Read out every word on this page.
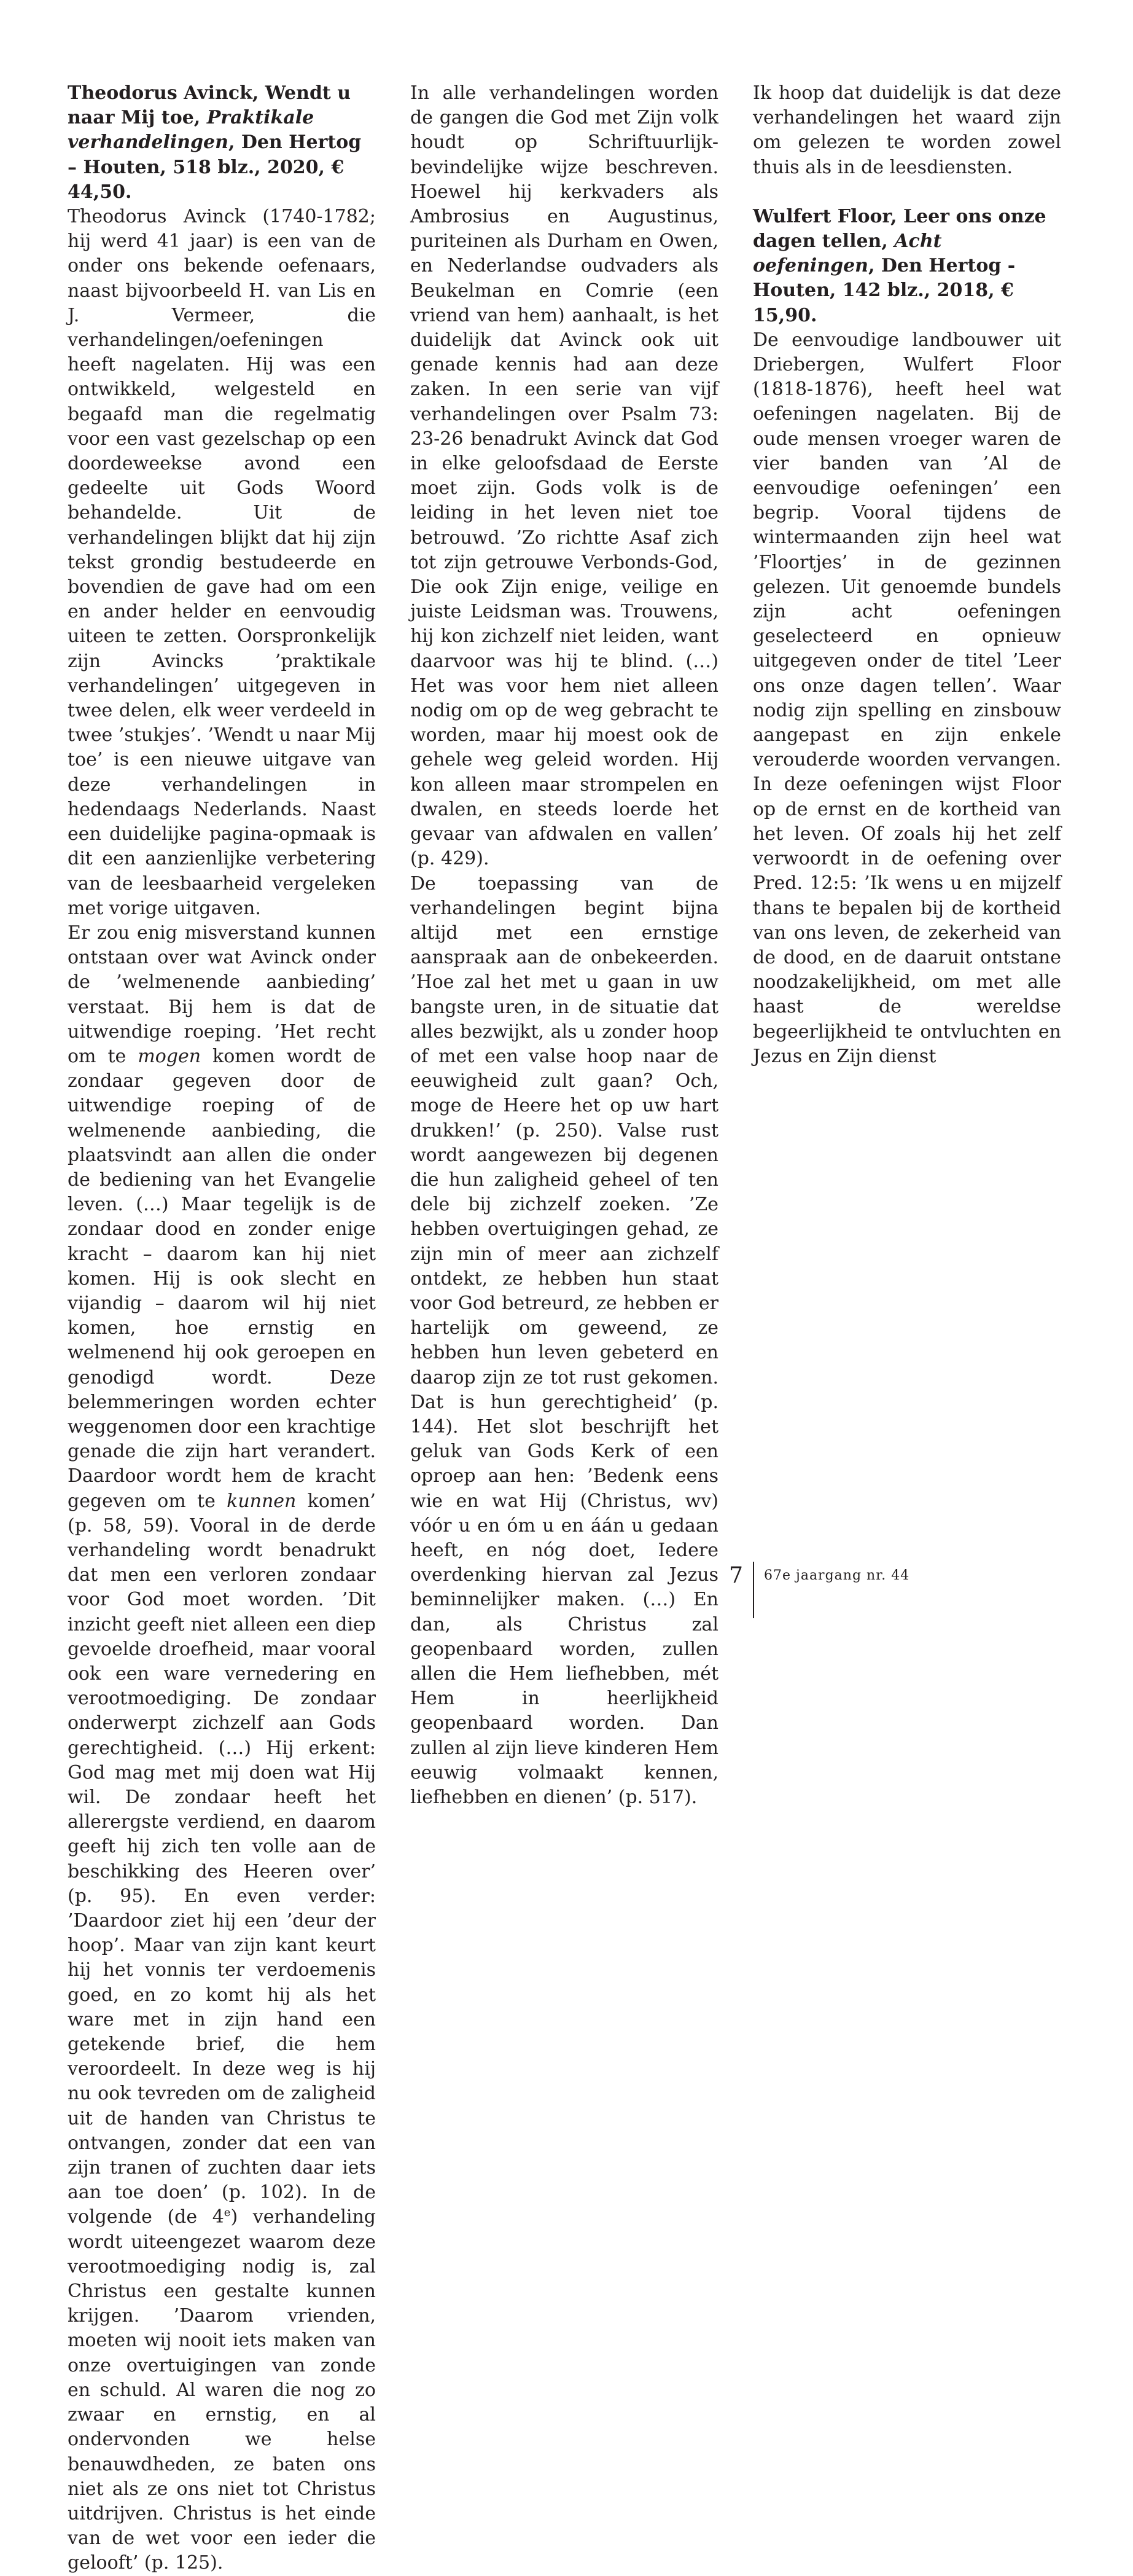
Theodorus Avinck, Wendt u naar Mij toe, Praktikale verhandelingen, Den Hertog – Houten, 518 blz., 2020, € 44,50.

Theodorus Avinck (1740-1782; hij werd 41 jaar) is een van de onder ons bekende oefenaars, naast bijvoorbeeld H. van Lis en J. Vermeer, die verhandelingen/oefeningen heeft nagelaten. Hij was een ontwikkeld, welgesteld en begaafd man die regelmatig voor een vast gezelschap op een doordeweekse avond een gedeelte uit Gods Woord behandelde. Uit de verhandelingen blijkt dat hij zijn tekst grondig bestudeerde en bovendien de gave had om een en ander helder en eenvoudig uiteen te zetten. Oorspronkelijk zijn Avincks ’praktikale verhandelingen’ uitgegeven in twee delen, elk weer verdeeld in twee ’stukjes’. ’Wendt u naar Mij toe’ is een nieuwe uitgave van deze verhandelingen in hedendaags Nederlands. Naast een duidelijke pagina-opmaak is dit een aanzienlijke verbetering van de leesbaarheid vergeleken met vorige uitgaven.

Er zou enig misverstand kunnen ontstaan over wat Avinck onder de ’welmenende aanbieding’ verstaat. Bij hem is dat de uitwendige roeping. ’Het recht om te mogen komen wordt de zondaar gegeven door de uitwendige roeping of de welmenende aanbieding, die plaatsvindt aan allen die onder de bediening van het Evangelie leven. (…) Maar tegelijk is de zondaar dood en zonder enige kracht – daarom kan hij niet komen. Hij is ook slecht en vijandig – daarom wil hij niet komen, hoe ernstig en welmenend hij ook geroepen en genodigd wordt. Deze belemmeringen worden echter weggenomen door een krachtige genade die zijn hart verandert. Daardoor wordt hem de kracht gegeven om te kunnen komen’ (p. 58, 59). Vooral in de derde verhandeling wordt benadrukt dat men een verloren zondaar voor God moet worden. ’Dit inzicht geeft niet alleen een diep gevoelde droefheid, maar vooral ook een ware vernedering en verootmoediging. De zondaar onderwerpt zichzelf aan Gods gerechtigheid. (…) Hij erkent: God mag met mij doen wat Hij wil. De zondaar heeft het allerergste verdiend, en daarom geeft hij zich ten volle aan de beschikking des Heeren over’ (p. 95). En even verder: ’Daardoor ziet hij een ’deur der hoop’. Maar van zijn kant keurt hij het vonnis ter verdoemenis goed, en zo komt hij als het ware met in zijn hand een getekende brief, die hem veroordeelt. In deze weg is hij nu ook tevreden om de zaligheid uit de handen van Christus te ontvangen, zonder dat een van zijn tranen of zuchten daar iets aan toe doen’ (p. 102). In de volgende (de 4e) verhandeling wordt uiteengezet waarom deze verootmoediging nodig is, zal Christus een gestalte kunnen krijgen. ’Daarom vrienden, moeten wij nooit iets maken van onze overtuigingen van zonde en schuld. Al waren die nog zo zwaar en ernstig, en al ondervonden we helse benauwdheden, ze baten ons niet als ze ons niet tot Christus uitdrijven. Christus is het einde van de wet voor een ieder die gelooft’ (p. 125).

In alle verhandelingen worden de gangen die God met Zijn volk houdt op Schriftuurlijk-bevindelijke wijze beschreven. Hoewel hij kerkvaders als Ambrosius en Augustinus, puriteinen als Durham en Owen, en Nederlandse oudvaders als Beukelman en Comrie (een vriend van hem) aanhaalt, is het duidelijk dat Avinck ook uit genade kennis had aan deze zaken. In een serie van vijf verhandelingen over Psalm 73: 23-26 benadrukt Avinck dat God in elke geloofsdaad de Eerste moet zijn. Gods volk is de leiding in het leven niet toe betrouwd. ’Zo richtte Asaf zich tot zijn getrouwe Verbonds-God, Die ook Zijn enige, veilige en juiste Leidsman was. Trouwens, hij kon zichzelf niet leiden, want daarvoor was hij te blind. (…) Het was voor hem niet alleen nodig om op de weg gebracht te worden, maar hij moest ook de gehele weg geleid worden. Hij kon alleen maar strompelen en dwalen, en steeds loerde het gevaar van afdwalen en vallen’ (p. 429).

De toepassing van de verhandelingen begint bijna altijd met een ernstige aanspraak aan de onbekeerden. ’Hoe zal het met u gaan in uw bangste uren, in de situatie dat alles bezwijkt, als u zonder hoop of met een valse hoop naar de eeuwigheid zult gaan? Och, moge de Heere het op uw hart drukken!’ (p. 250). Valse rust wordt aangewezen bij degenen die hun zaligheid geheel of ten dele bij zichzelf zoeken. ’Ze hebben overtuigingen gehad, ze zijn min of meer aan zichzelf ontdekt, ze hebben hun staat voor God betreurd, ze hebben er hartelijk om geweend, ze hebben hun leven gebeterd en daarop zijn ze tot rust gekomen. Dat is hun gerechtigheid’ (p. 144). Het slot beschrijft het geluk van Gods Kerk of een oproep aan hen: ’Bedenk eens wie en wat Hij (Christus, wv) vóór u en óm u en áán u gedaan heeft, en nóg doet, Iedere overdenking hiervan zal Jezus beminnelijker maken. (…) En dan, als Christus zal geopenbaard worden, zullen allen die Hem liefhebben, mét Hem in heerlijkheid geopenbaard worden. Dan zullen al zijn lieve kinderen Hem eeuwig volmaakt kennen, liefhebben en dienen’ (p. 517).

Ik hoop dat duidelijk is dat deze verhandelingen het waard zijn om gelezen te worden zowel thuis als in de leesdiensten.

Wulfert Floor, Leer ons onze dagen tellen, Acht oefeningen, Den Hertog - Houten, 142 blz., 2018, € 15,90.

De eenvoudige landbouwer uit Driebergen, Wulfert Floor (1818-1876), heeft heel wat oefeningen nagelaten. Bij de oude mensen vroeger waren de vier banden van ’Al de eenvoudige oefeningen’ een begrip. Vooral tijdens de wintermaanden zijn heel wat ’Floortjes’ in de gezinnen gelezen. Uit genoemde bundels zijn acht oefeningen geselecteerd en opnieuw uitgegeven onder de titel ’Leer ons onze dagen tellen’. Waar nodig zijn spelling en zinsbouw aangepast en zijn enkele verouderde woorden vervangen. In deze oefeningen wijst Floor op de ernst en de kortheid van het leven. Of zoals hij het zelf verwoordt in de oefening over Pred. 12:5: ’Ik wens u en mijzelf thans te bepalen bij de kortheid van ons leven, de zekerheid van de dood, en de daaruit ontstane noodzakelijkheid, om met alle haast de wereldse begeerlijkheid te ontvluchten en Jezus en Zijn dienst

7 67e jaargang nr. 44
